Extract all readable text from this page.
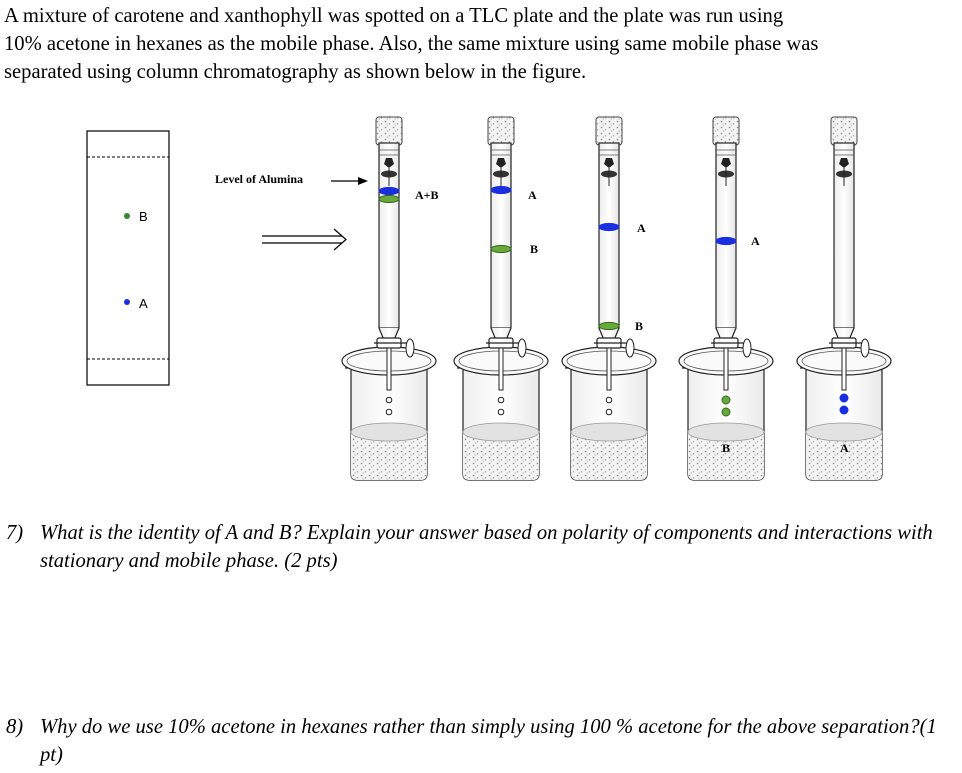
A mixture of carotene and xanthophyll was spotted on a TLC plate and the plate was run using

10% acetone in hexanes as the mobile phase. Also, the same mixture using same mobile phase was

separated using column chromatography as shown below in the figure.

B
A
Level of Alumina
A+B	A
B
A
B
A
B	A
7) What is the identity of A and B? Explain your answer based on polarity of components and interactions with stationary and mobile phase. (2 pts)
8) Why do we use 10% acetone in hexanes rather than simply using 100 % acetone for the above separation?(1 pt)
